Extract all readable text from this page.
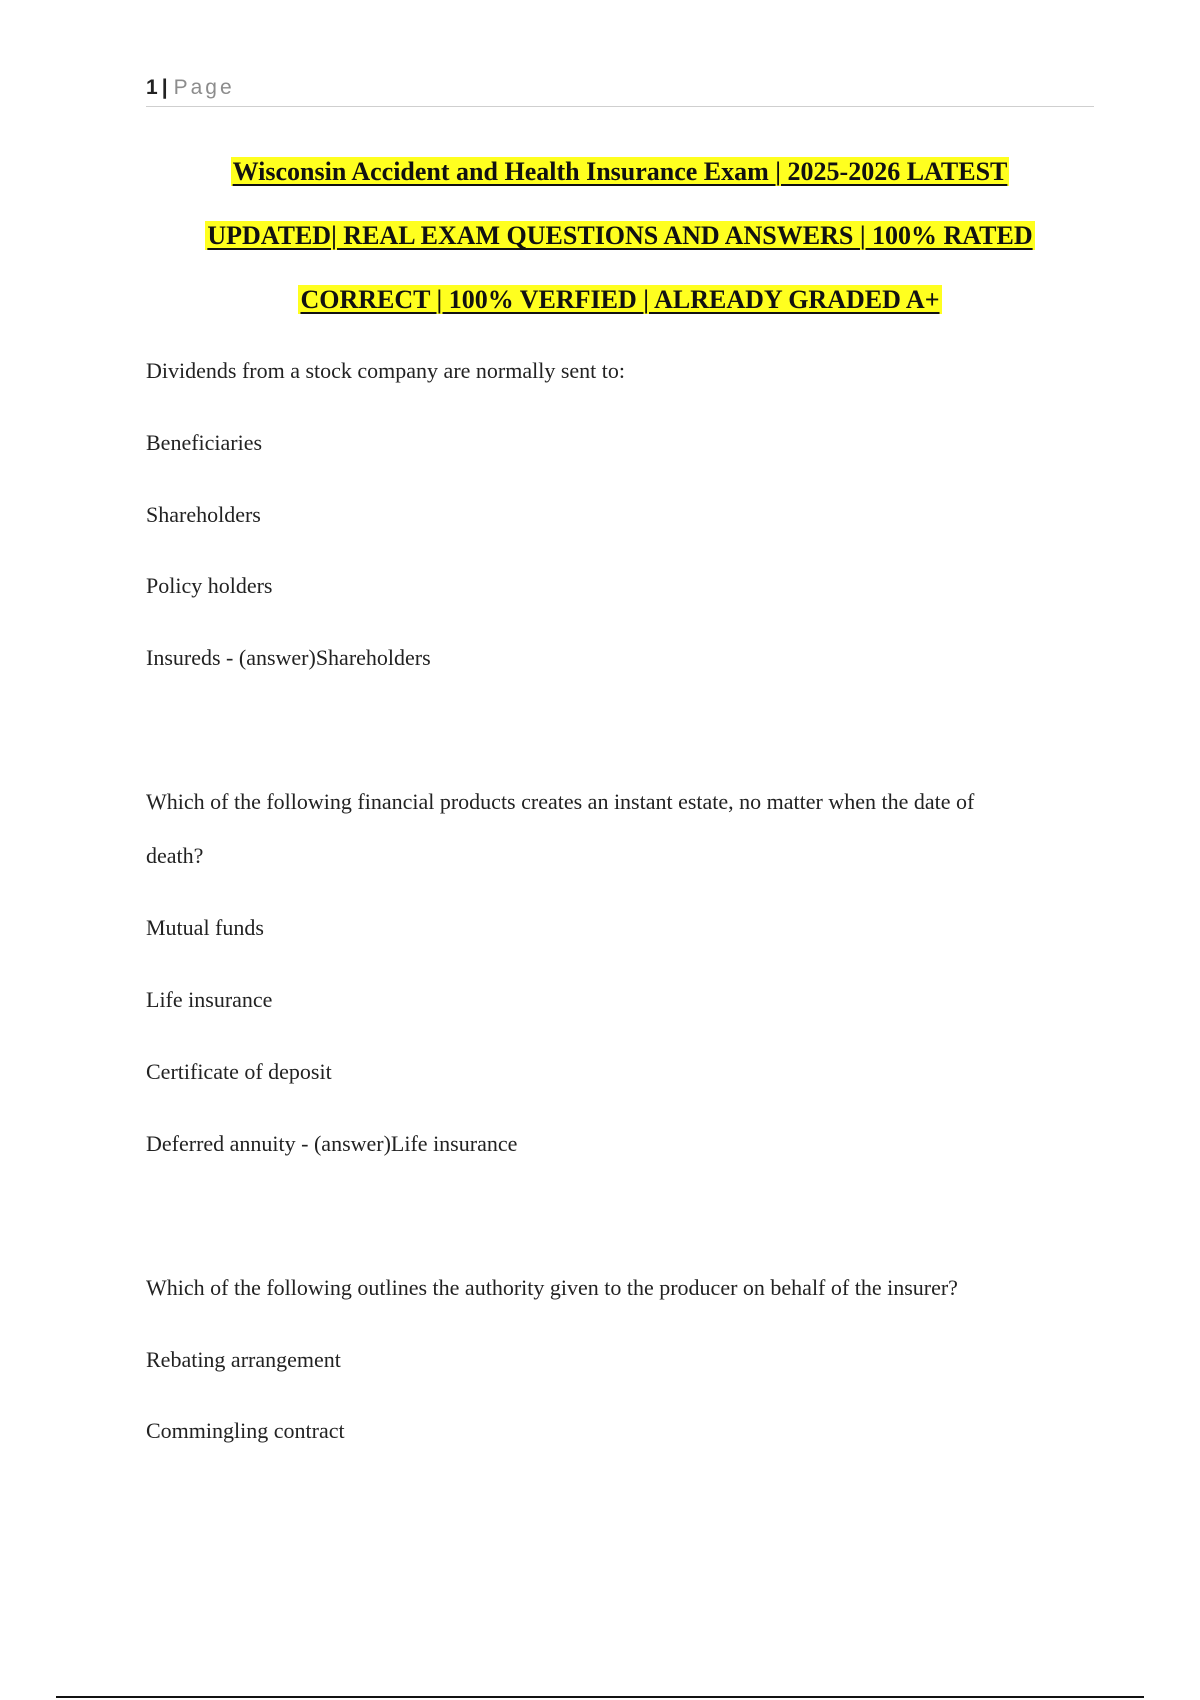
1 | Page
Wisconsin Accident and Health Insurance Exam | 2025-2026 LATEST
UPDATED| REAL EXAM QUESTIONS AND ANSWERS | 100% RATED
CORRECT | 100% VERFIED | ALREADY GRADED A+
Dividends from a stock company are normally sent to:
Beneficiaries
Shareholders
Policy holders
Insureds - (answer)Shareholders
Which of the following financial products creates an instant estate, no matter when the date of
death?
Mutual funds
Life insurance
Certificate of deposit
Deferred annuity - (answer)Life insurance
Which of the following outlines the authority given to the producer on behalf of the insurer?
Rebating arrangement
Commingling contract
